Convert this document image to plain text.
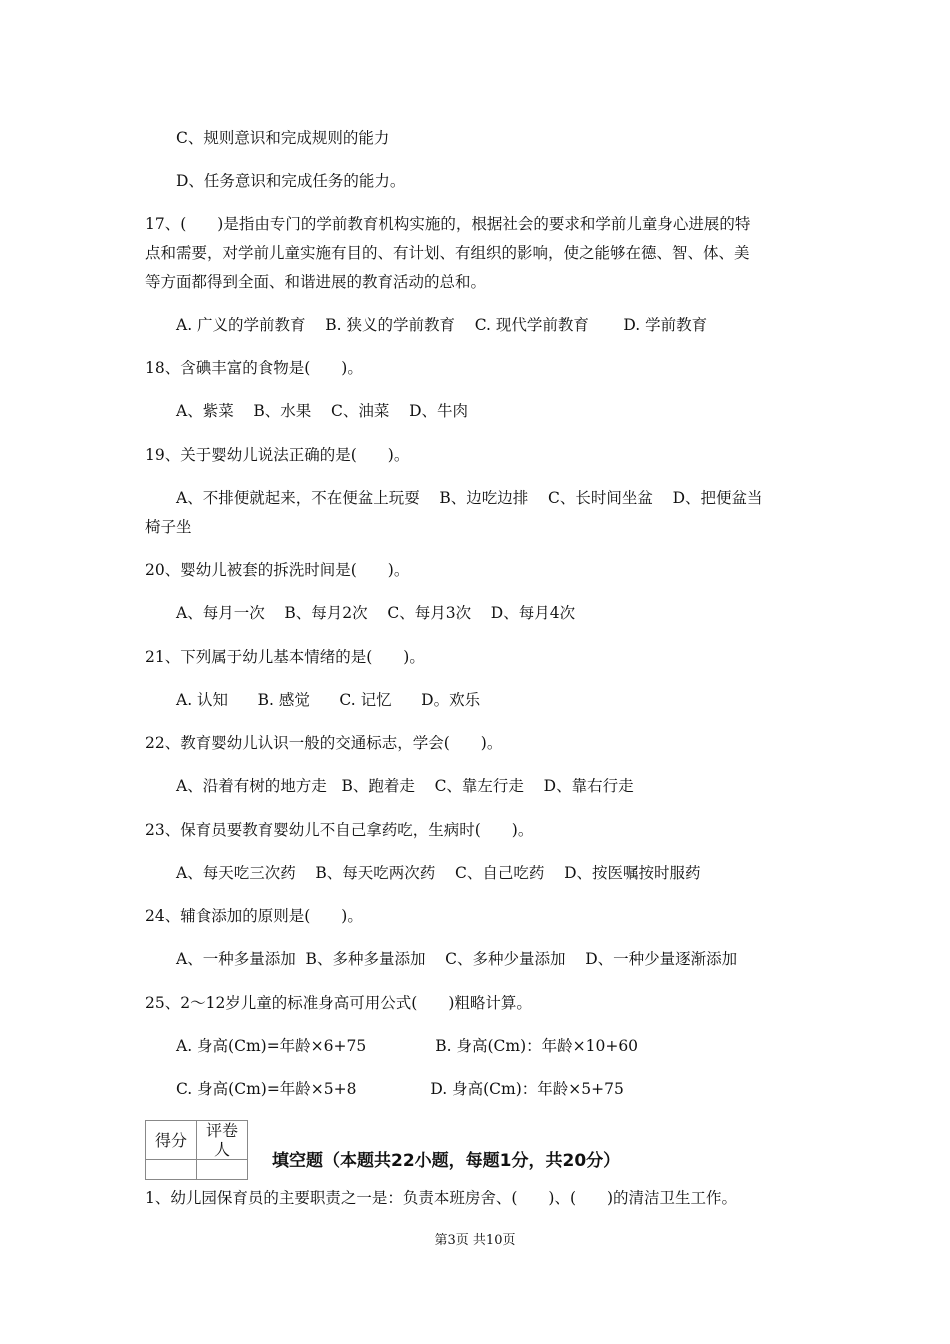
C、规则意识和完成规则的能力
D、任务意识和完成任务的能力。
17、(　　)是指由专门的学前教育机构实施的，根据社会的要求和学前儿童身心进展的特
点和需要，对学前儿童实施有目的、有计划、有组织的影响，使之能够在德、智、体、美
等方面都得到全面、和谐进展的教育活动的总和。
A. 广义的学前教育    B. 狭义的学前教育    C. 现代学前教育       D. 学前教育
18、含碘丰富的食物是(　　)。
A、紫菜    B、水果    C、油菜    D、牛肉
19、关于婴幼儿说法正确的是(　　)。
A、不排便就起来，不在便盆上玩耍    B、边吃边排    C、长时间坐盆    D、把便盆当
椅子坐
20、婴幼儿被套的拆洗时间是(　　)。
A、每月一次    B、每月2次    C、每月3次    D、每月4次
21、下列属于幼儿基本情绪的是(　　)。
A. 认知      B. 感觉      C. 记忆      D。欢乐
22、教育婴幼儿认识一般的交通标志，学会(　　)。
A、沿着有树的地方走   B、跑着走    C、靠左行走    D、靠右行走
23、保育员要教育婴幼儿不自己拿药吃，生病时(　　)。
A、每天吃三次药    B、每天吃两次药    C、自己吃药    D、按医嘱按时服药
24、辅食添加的原则是(　　)。
A、一种多量添加  B、多种多量添加    C、多种少量添加    D、一种少量逐渐添加
25、2～12岁儿童的标准身高可用公式(　　)粗略计算。
A. 身高(Cm)=年龄×6+75              B. 身高(Cm)：年龄×10+60
C. 身高(Cm)=年龄×5+8               D. 身高(Cm)：年龄×5+75
得分	评卷人

填空题（本题共22小题，每题1分，共20分）
1、幼儿园保育员的主要职责之一是：负责本班房舍、(　　)、(　　)的清洁卫生工作。
第3页 共10页
